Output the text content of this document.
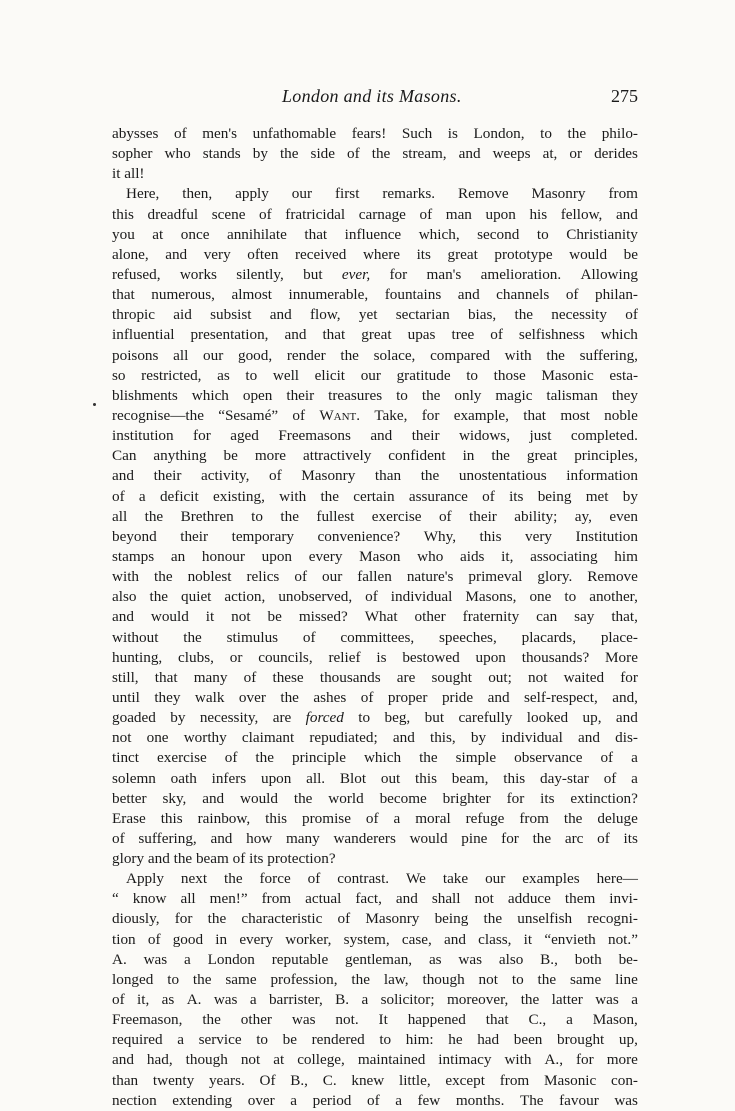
London and its Masons.	275
abysses of men's unfathomable fears! Such is London, to the philo-
sopher who stands by the side of the stream, and weeps at, or derides
it
all!

Here, then, apply our first remarks. Remove Masonry from
this dreadful scene of fratricidal carnage of man upon his fellow, and
you at once annihilate that influence which, second to Christianity
alone, and very often received where its great prototype would be
refused, works silently, but ever, for man's amelioration. Allowing
that numerous, almost innumerable, fountains and channels of philan-
thropic aid subsist and flow, yet sectarian bias, the necessity of
influential presentation, and that great upas tree of selfishness which
poisons all our good, render the solace, compared with the suffering,
so restricted, as to well elicit our gratitude to those Masonic esta-
blishments which open their treasures to the only magic talisman they
recognise—the “Sesamé” of Want. Take, for example, that most noble
institution for aged Freemasons and their widows, just completed.
Can anything be more attractively confident in the great principles,
and their activity, of Masonry than the unostentatious information
of a deficit existing, with the certain assurance of its being met by
all the Brethren to the fullest exercise of their ability; ay, even
beyond their temporary convenience? Why, this very Institution
stamps an honour upon every Mason who aids it, associating him
with the noblest relics of our fallen nature's primeval glory. Remove
also the quiet action, unobserved, of individual Masons, one to another,
and would it not be missed? What other fraternity can say that,
without the stimulus of committees, speeches, placards, place-
hunting, clubs, or councils, relief is bestowed upon thousands? More
still, that many of these thousands are sought out; not waited for
until they walk over the ashes of proper pride and self-respect, and,
goaded by necessity, are forced to beg, but carefully looked up, and
not one worthy claimant repudiated; and this, by individual and dis-
tinct exercise of the principle which the simple observance of a
solemn oath infers upon all. Blot out this beam, this day-star of a
better sky, and would the world become brighter for its extinction?
Erase this rainbow, this promise of a moral refuge from the deluge
of suffering, and how many wanderers would pine for the arc of its
glory
and
the
beam
of
its
protection?

Apply next the force of contrast. We take our examples here—
“ know all men!” from actual fact, and shall not adduce them invi-
diously, for the characteristic of Masonry being the unselfish recogni-
tion of good in every worker, system, case, and class, it “envieth not.”
A. was a London reputable gentleman, as was also B., both be-
longed to the same profession, the law, though not to the same line
of it, as A. was a barrister, B. a solicitor; moreover, the latter was a
Freemason, the other was not. It happened that C., a Mason,
required a service to be rendered to him: he had been brought up,
and had, though not at college, maintained intimacy with A., for more
than twenty years. Of B., C. knew little, except from Masonic con-
nection extending over a period of a few months. The favour was
